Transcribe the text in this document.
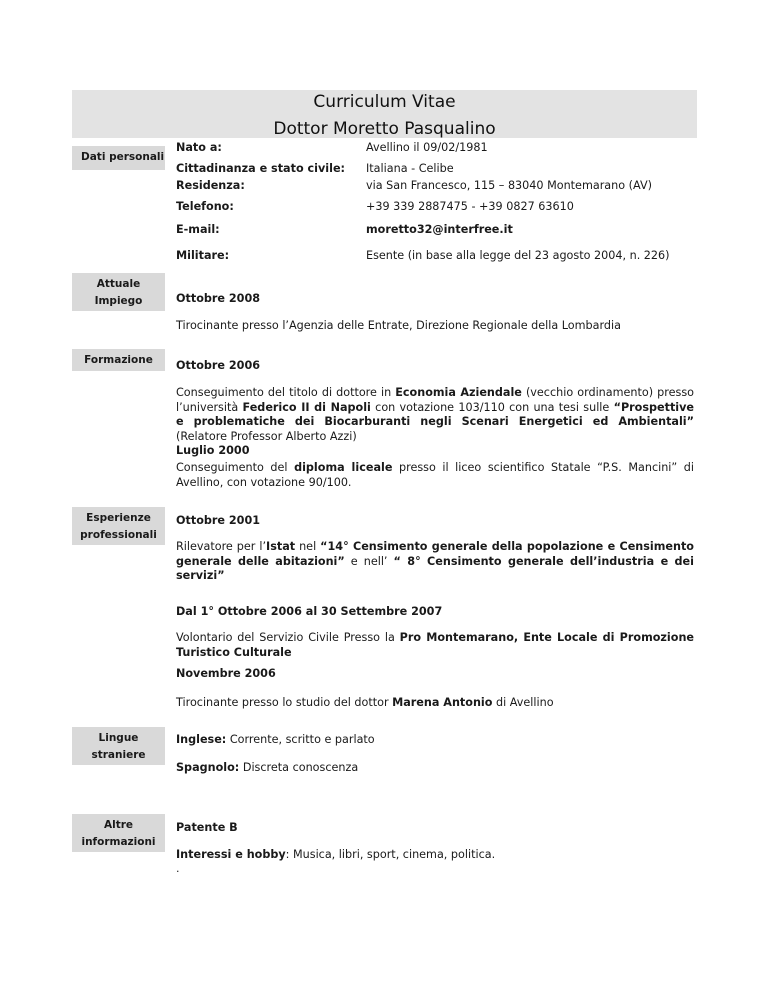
Curriculum Vitae
Dottor Moretto Pasqualino
Dati personali
Nato a:	Avellino il 09/02/1981
Cittadinanza e stato civile: Italiana - Celibe
Residenza:	via San Francesco, 115 – 83040 Montemarano (AV)
Telefono:	+39 339 2887475 - +39 0827 63610
E-mail:	moretto32@interfree.it
Militare:	Esente (in base alla legge del 23 agosto 2004, n. 226)
Attuale
Impiego	Ottobre 2008
Tirocinante presso l’Agenzia delle Entrate, Direzione Regionale della Lombardia
Formazione	Ottobre 2006
Conseguimento del titolo di dottore in Economia Aziendale (vecchio ordinamento) presso l’università Federico II di Napoli con votazione 103/110 con una tesi sulle “Prospettive e problematiche dei Biocarburanti negli Scenari Energetici ed Ambientali” (Relatore Professor Alberto Azzi)
Luglio 2000
Conseguimento del diploma liceale presso il liceo scientifico Statale “P.S. Mancini” di Avellino, con votazione 90/100.
Esperienze
professionali
Ottobre 2001
Rilevatore per l’Istat nel “14° Censimento generale della popolazione e Censimento generale delle abitazioni” e nell’ “ 8° Censimento generale dell’industria e dei servizi”
Dal 1° Ottobre 2006 al 30 Settembre 2007
Volontario del Servizio Civile Presso la Pro Montemarano, Ente Locale di Promozione Turistico Culturale
Novembre 2006
Tirocinante presso lo studio del dottor Marena Antonio di Avellino
Lingue
straniere
Inglese: Corrente, scritto e parlato
Spagnolo: Discreta conoscenza
Altre
informazioni
Patente B
Interessi e hobby: Musica, libri, sport, cinema, politica.
.
